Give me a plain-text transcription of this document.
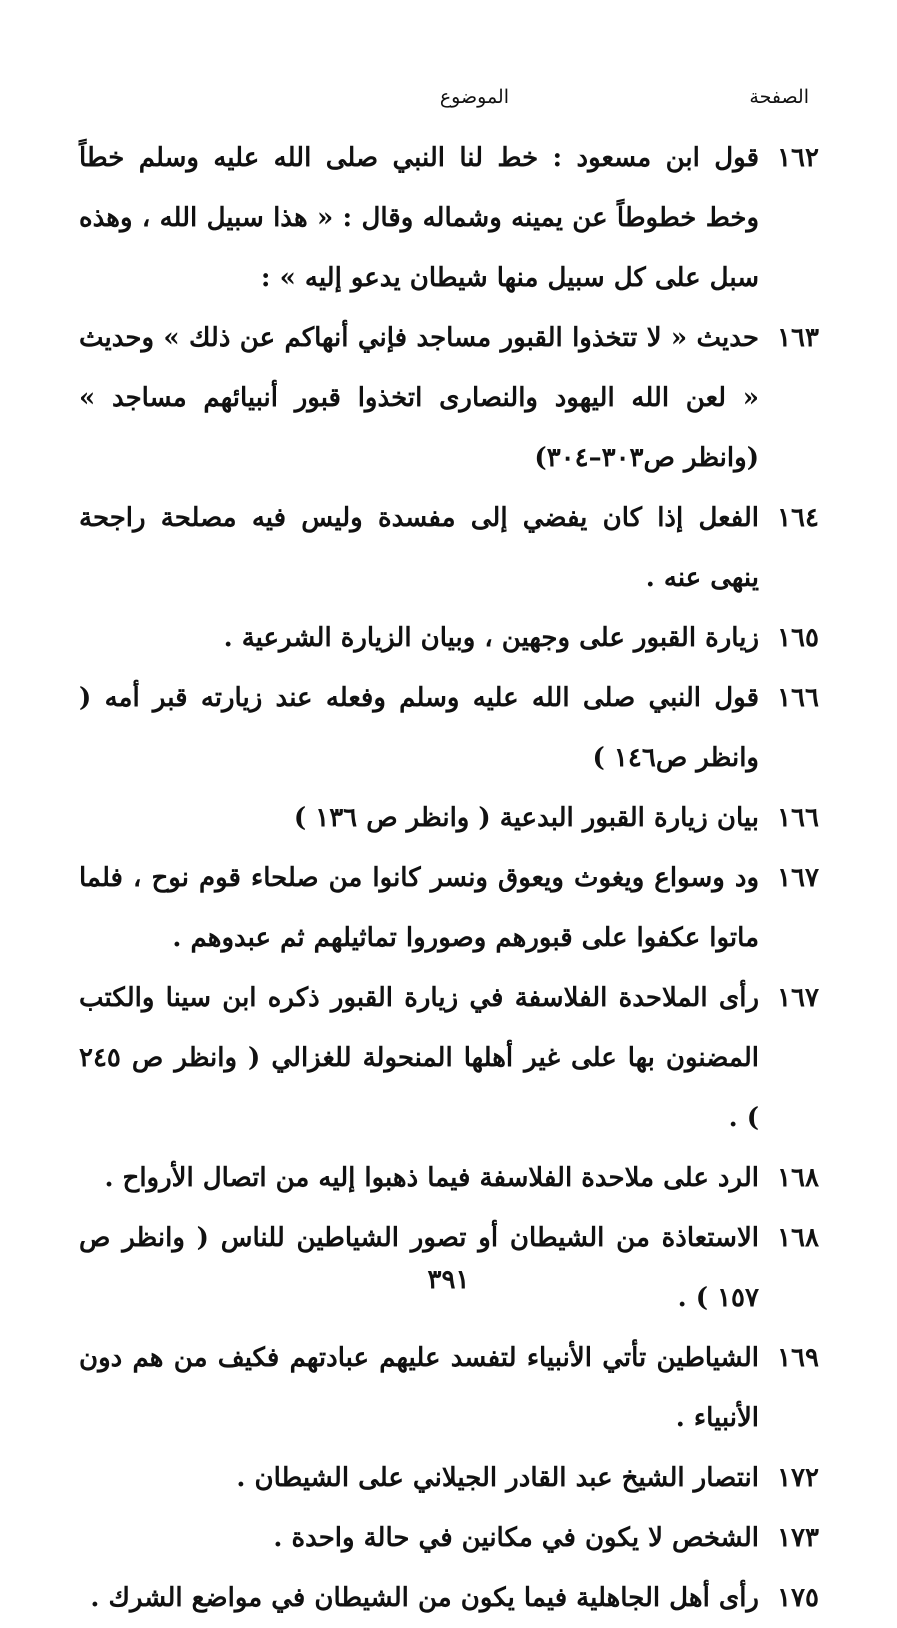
الصفحة
الموضوع
١٦٢
قول ابن مسعود : خط لنا النبي صلى الله عليه وسلم خطاً وخط خطوطاً عن يمينه وشماله وقال : « هذا سبيل الله ، وهذه سبل على كل سبيل منها شيطان يدعو إليه » :
١٦٣
حديث « لا تتخذوا القبور مساجد فإني أنهاكم عن ذلك » وحديث « لعن الله اليهود والنصارى اتخذوا قبور أنبيائهم مساجد » (وانظر ص٣٠٣–٣٠٤)
١٦٤
الفعل إذا كان يفضي إلى مفسدة وليس فيه مصلحة راجحة ينهى عنه .
١٦٥
زيارة القبور على وجهين ، وبيان الزيارة الشرعية .
١٦٦
قول النبي صلى الله عليه وسلم وفعله عند زيارته قبر أمه ( وانظر ص١٤٦ )
١٦٦
بيان زيارة القبور البدعية ( وانظر ص ١٣٦ )
١٦٧
ود وسواع ويغوث ويعوق ونسر كانوا من صلحاء قوم نوح ، فلما ماتوا عكفوا على قبورهم وصوروا تماثيلهم ثم عبدوهم .
١٦٧
رأى الملاحدة الفلاسفة في زيارة القبور ذكره ابن سينا والكتب المضنون بها على غير أهلها المنحولة للغزالي ( وانظر ص ٢٤٥ ) .
١٦٨
الرد على ملاحدة الفلاسفة فيما ذهبوا إليه من اتصال الأرواح .
١٦٨
الاستعاذة من الشيطان أو تصور الشياطين للناس ( وانظر ص ١٥٧ ) .
١٦٩
الشياطين تأتي الأنبياء لتفسد عليهم عبادتهم فكيف من هم دون الأنبياء .
١٧٢
انتصار الشيخ عبد القادر الجيلاني على الشيطان .
١٧٣
الشخص لا يكون في مكانين في حالة واحدة .
١٧٥
رأى أهل الجاهلية فيما يكون من الشيطان في مواضع الشرك .
٣٩١
